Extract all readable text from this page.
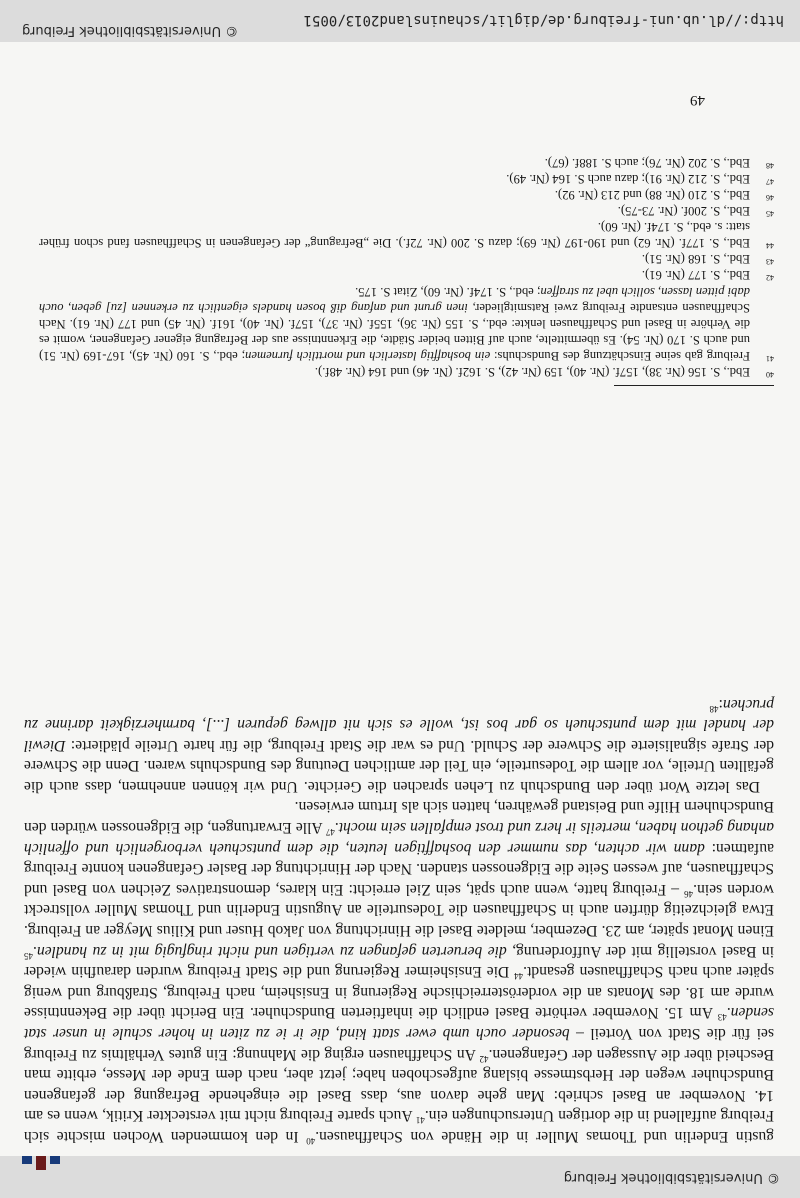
© Universitätsbibliothek Freiburg

gustin Enderlin und Thomas Muller in die Hände von Schaffhausen.$^{40}$ In den kommenden Wochen mischte sich Freiburg auffallend in die dortigen Untersuchungen ein.$^{41}$ Auch sparte Freiburg nicht mit versteckter Kritik, wenn es am 14. November an Basel schrieb: Man gehe davon aus, dass Basel die eingehende Befragung der gefangenen Bundschuher wegen der Herbstmesse bislang aufgeschoben habe; jetzt aber, nach dem Ende der Messe, erbitte man Bescheid über die Aussagen der Gefangenen.$^{42}$ An Schaffhausen erging die Mahnung: Ein gutes Verhältnis zu Freiburg sei für die Stadt von Vorteil – besonder ouch umb ewer statt kind, die ir ie zu ziten in hoher schule in unser stat senden.$^{43}$ Am 15. November verhörte Basel endlich die inhaftierten Bundschuher. Ein Bericht über die Bekenntnisse wurde am 18. des Monats an die vorderösterreichische Regierung in Ensisheim, nach Freiburg, Straßburg und wenig später auch nach Schaffhausen gesandt.$^{44}$ Die Ensisheimer Regierung und die Stadt Freiburg wurden daraufhin wieder in Basel vorstellig mit der Aufforderung, die beruerten gefangen zu vertigen und nicht ringfugig mit in zu handlen.$^{45}$ Einen Monat später, am 23. Dezember, meldete Basel die Hinrichtung von Jakob Huser und Kilius Meyger an Freiburg. Etwa gleichzeitig dürften auch in Schaffhausen die Todesurteile an Augustin Enderlin und Thomas Muller vollstreckt worden sein.$^{46}$ – Freiburg hatte, wenn auch spät, sein Ziel erreicht: Ein klares, demonstratives Zeichen von Basel und Schaffhausen, auf wessen Seite die Eidgenossen standen. Nach der Hinrichtung der Basler Gefangenen konnte Freiburg aufatmen: dann wir achten, das nummer den boshafftigen leuten, die dem puntschueh verborgenlich und offenlich anhang gethon haben, merteils ir herz und trost empfallen sein mocht.$^{47}$ Alle Erwartungen, die Eidgenossen würden den Bundschuhern Hilfe und Beistand gewähren, hatten sich als Irrtum erwiesen.

Das letzte Wort über den Bundschuh zu Lehen sprachen die Gerichte. Und wir können annehmen, dass auch die gefällten Urteile, vor allem die Todesurteile, ein Teil der amtlichen Deutung des Bundschuhs waren. Denn die Schwere der Strafe signalisierte die Schwere der Schuld. Und es war die Stadt Freiburg, die für harte Urteile plädierte: Diewil der handel mit dem puntschueh so gar bos ist, wolle es sich nit allweg gepuren [...], barmherzigkeit darinne zu pruchen:$^{48}$

40
Ebd., S. 156 (Nr. 38), 157f. (Nr. 40), 159 (Nr. 42), S. 162f. (Nr. 46) und 164 (Nr. 48f.).

41
Freiburg gab seine Einschätzung des Bundschuhs: ein boshafftig lasterlich und morttlich furnemen; ebd., S. 160 (Nr. 45), 167-169 (Nr. 51) und auch S. 170 (Nr. 54). Es übermittelte, auch auf Bitten beider Städte, die Erkenntnisse aus der Befragung eigener Gefangener, womit es die Verhöre in Basel und Schaffhausen lenkte: ebd., S. 155 (Nr. 36), 155f. (Nr. 37), 157f. (Nr. 40), 161f. (Nr. 45) und 177 (Nr. 61). Nach Schaffhausen entsandte Freiburg zwei Ratsmitglieder, inen grunt und anfang diß bosen handels eigentlich zu erkennen [zu] geben, ouch dabi pitten lassen, sollich ubel zu straffen; ebd., S. 174f. (Nr. 60), Zitat S. 175.

42
Ebd., S. 177 (Nr. 61).

43
Ebd., S. 168 (Nr. 51).

44
Ebd., S. 177f. (Nr. 62) und 190-197 (Nr. 69); dazu S. 200 (Nr. 72f.). Die „Befragung“ der Gefangenen in Schaffhausen fand schon früher statt: s. ebd., S. 174f. (Nr. 60).

45
Ebd., S. 200f. (Nr. 73-75).

46
Ebd., S. 210 (Nr. 88) und 213 (Nr. 92).

47
Ebd., S. 212 (Nr. 91); dazu auch S. 164 (Nr. 49).

48
Ebd., S. 202 (Nr. 76); auch S. 188f. (67).

49
http://dl.ub.uni-freiburg.de/diglit/schauinsland2013/0051
© Universitätsbibliothek Freiburg
